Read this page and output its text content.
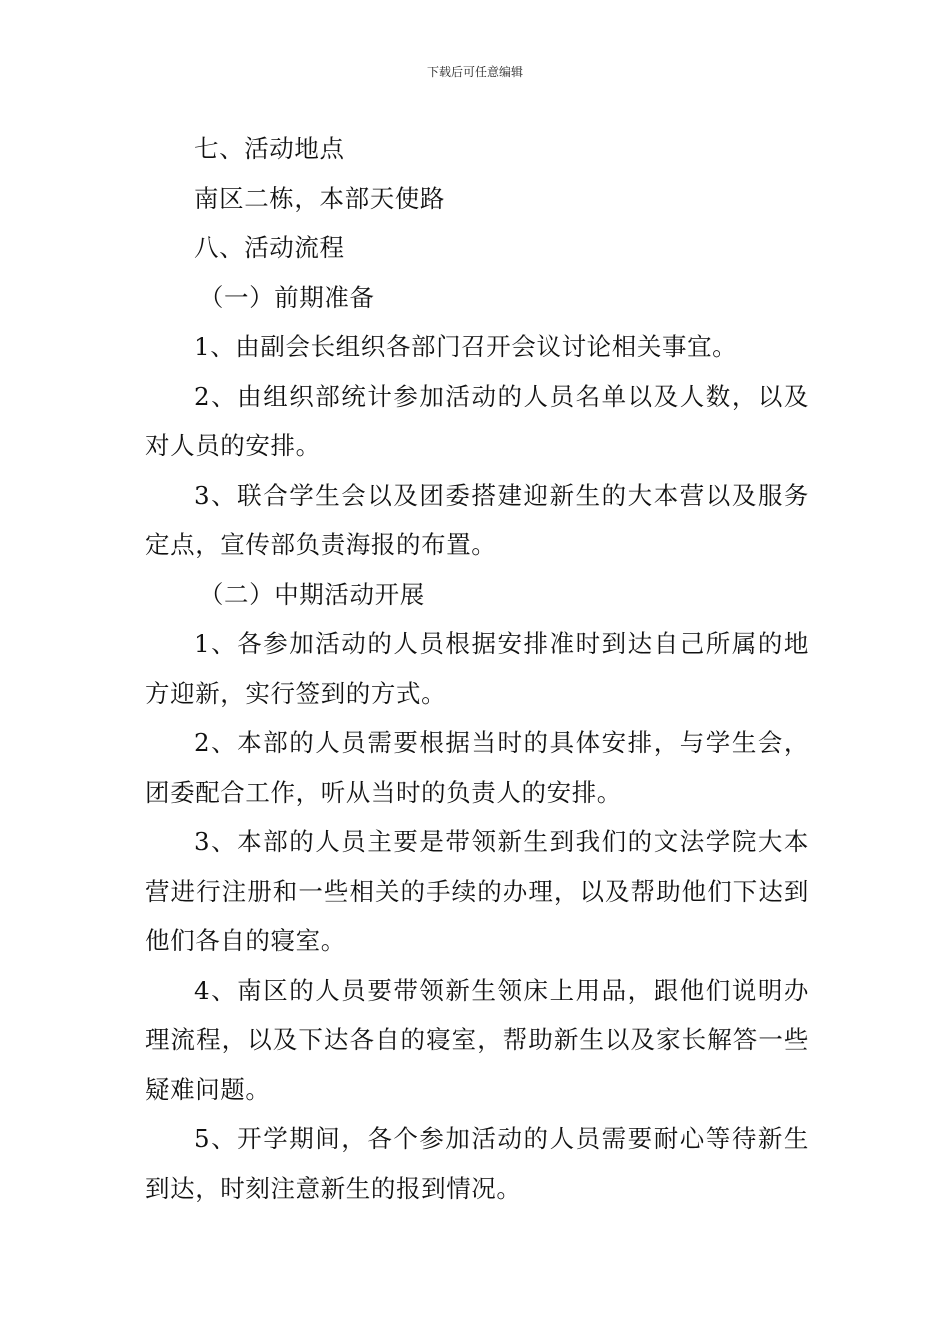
下载后可任意编辑

七、活动地点

南区二栋，本部天使路

八、活动流程

（一）前期准备

1、由副会长组织各部门召开会议讨论相关事宜。

2、由组织部统计参加活动的人员名单以及人数，以及对人员的安排。

3、联合学生会以及团委搭建迎新生的大本营以及服务定点，宣传部负责海报的布置。

（二）中期活动开展

1、各参加活动的人员根据安排准时到达自己所属的地方迎新，实行签到的方式。

2、本部的人员需要根据当时的具体安排，与学生会，团委配合工作，听从当时的负责人的安排。

3、本部的人员主要是带领新生到我们的文法学院大本营进行注册和一些相关的手续的办理，以及帮助他们下达到他们各自的寝室。

4、南区的人员要带领新生领床上用品，跟他们说明办理流程，以及下达各自的寝室，帮助新生以及家长解答一些疑难问题。

5、开学期间，各个参加活动的人员需要耐心等待新生到达，时刻注意新生的报到情况。
